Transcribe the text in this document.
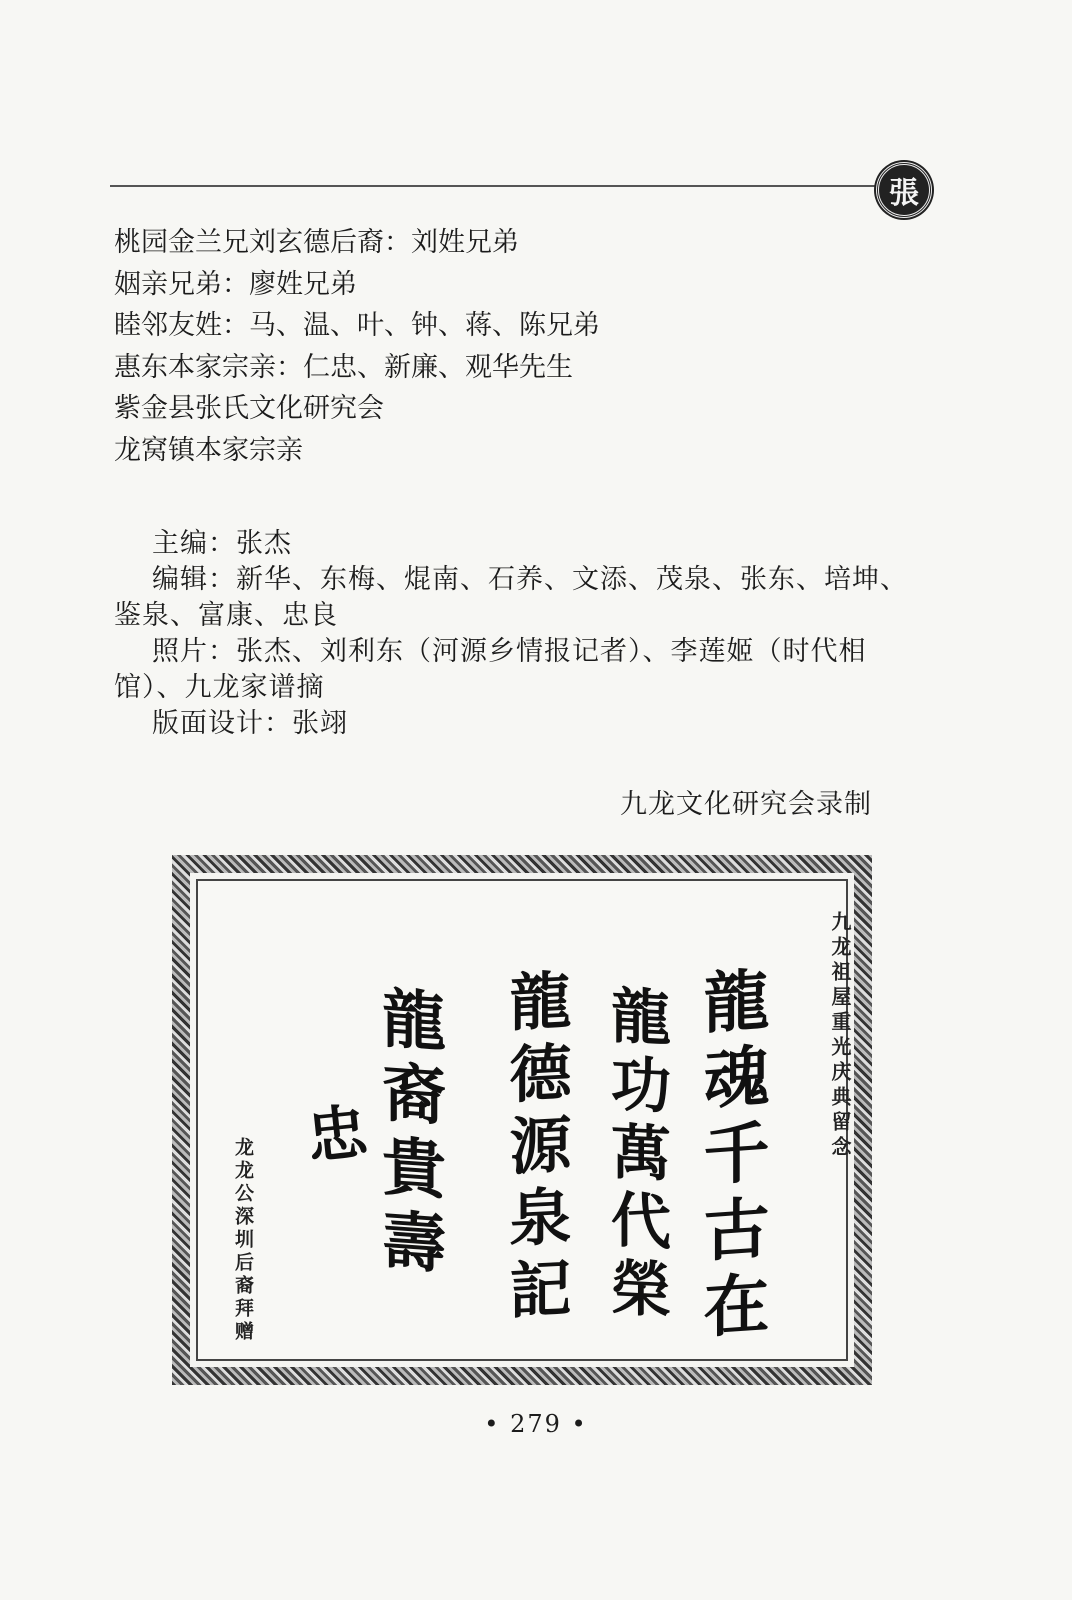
張
桃园金兰兄刘玄德后裔：刘姓兄弟
姻亲兄弟：廖姓兄弟
睦邻友姓：马、温、叶、钟、蒋、陈兄弟
惠东本家宗亲：仁忠、新廉、观华先生
紫金县张氏文化研究会
龙窝镇本家宗亲

主编：张杰

编辑：新华、东梅、焜南、石养、文添、茂泉、张东、培坤、鉴泉、富康、忠良

照片：张杰、刘利东（河源乡情报记者）、李莲姬（时代相馆）、九龙家谱摘

版面设计：张翊

九龙文化研究会录制
九龙祖屋重光庆典留念
龍魂千古在
龍功萬代榮
龍德源泉記
龍裔貴壽
忠
龙龙公深圳后裔拜赠
• 279 •
